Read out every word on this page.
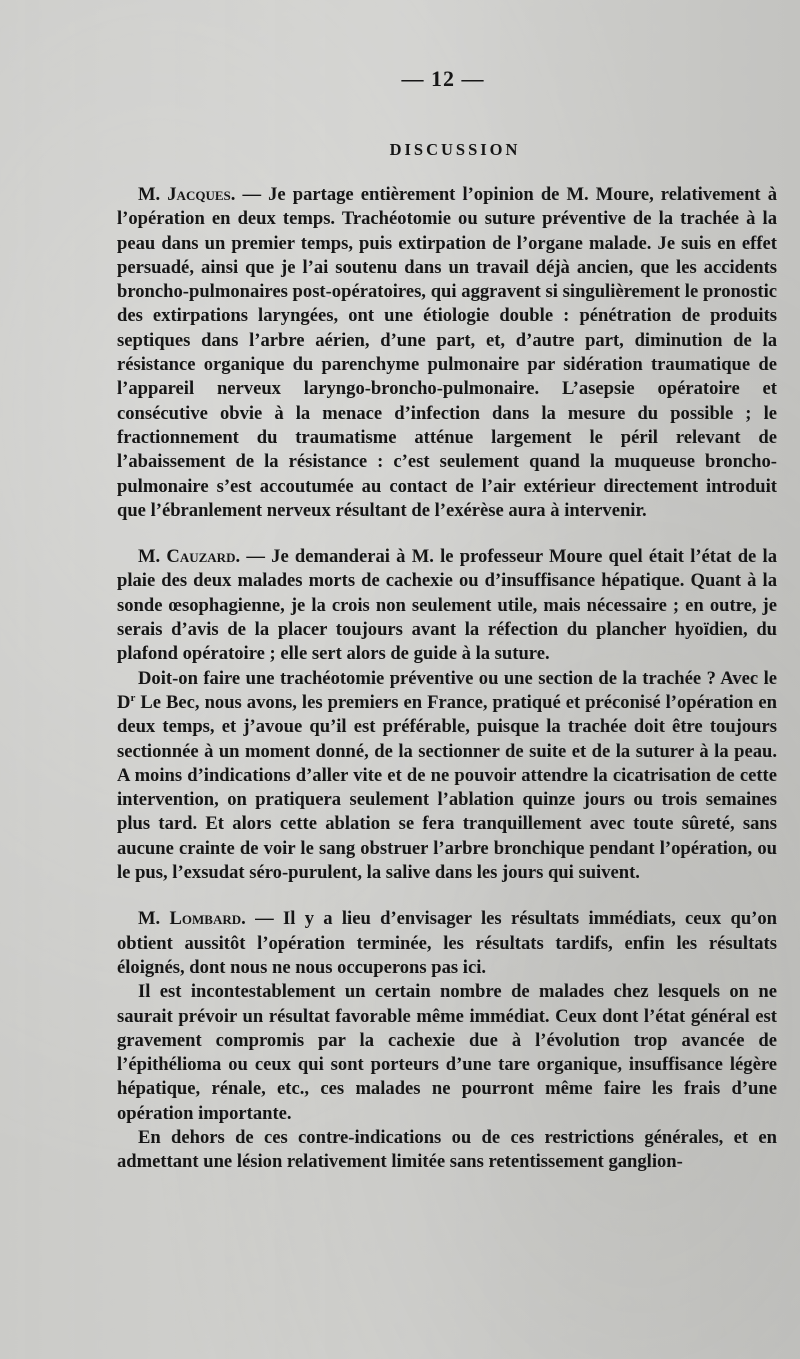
— 12 —
DISCUSSION

M. Jacques. — Je partage entièrement l’opinion de M. Moure, relativement à l’opération en deux temps. Trachéotomie ou suture préventive de la trachée à la peau dans un premier temps, puis extirpation de l’organe malade. Je suis en effet persuadé, ainsi que je l’ai soutenu dans un travail déjà ancien, que les accidents broncho-pulmonaires post-opératoires, qui aggravent si singulièrement le pronostic des extirpations laryngées, ont une étiologie double : pénétration de produits septiques dans l’arbre aérien, d’une part, et, d’autre part, diminution de la résistance organique du parenchyme pulmonaire par sidération traumatique de l’appareil nerveux laryngo-broncho-pulmonaire. L’asepsie opératoire et consécutive obvie à la menace d’infection dans la mesure du possible ; le fractionnement du traumatisme atténue largement le péril relevant de l’abaissement de la résistance : c’est seulement quand la muqueuse broncho-pulmonaire s’est accoutumée au contact de l’air extérieur directement introduit que l’ébranlement nerveux résultant de l’exérèse aura à intervenir.

M. Cauzard. — Je demanderai à M. le professeur Moure quel était l’état de la plaie des deux malades morts de cachexie ou d’insuffisance hépatique. Quant à la sonde œsophagienne, je la crois non seulement utile, mais nécessaire ; en outre, je serais d’avis de la placer toujours avant la réfection du plancher hyoïdien, du plafond opératoire ; elle sert alors de guide à la suture.

Doit-on faire une trachéotomie préventive ou une section de la trachée ? Avec le $D^r$ Le Bec, nous avons, les premiers en France, pratiqué et préconisé l’opération en deux temps, et j’avoue qu’il est préférable, puisque la trachée doit être toujours sectionnée à un moment donné, de la sectionner de suite et de la suturer à la peau. A moins d’indications d’aller vite et de ne pouvoir attendre la cicatrisation de cette intervention, on pratiquera seulement l’ablation quinze jours ou trois semaines plus tard. Et alors cette ablation se fera tranquillement avec toute sûreté, sans aucune crainte de voir le sang obstruer l’arbre bronchique pendant l’opération, ou le pus, l’exsudat séro-purulent, la salive dans les jours qui suivent.

M. Lombard. — Il y a lieu d’envisager les résultats immédiats, ceux qu’on obtient aussitôt l’opération terminée, les résultats tardifs, enfin les résultats éloignés, dont nous ne nous occuperons pas ici.

Il est incontestablement un certain nombre de malades chez lesquels on ne saurait prévoir un résultat favorable même immédiat. Ceux dont l’état général est gravement compromis par la cachexie due à l’évolution trop avancée de l’épithélioma ou ceux qui sont porteurs d’une tare organique, insuffisance légère hépatique, rénale, etc., ces malades ne pourront même faire les frais d’une opération importante.

En dehors de ces contre-indications ou de ces restrictions générales, et en admettant une lésion relativement limitée sans retentissement ganglion-
